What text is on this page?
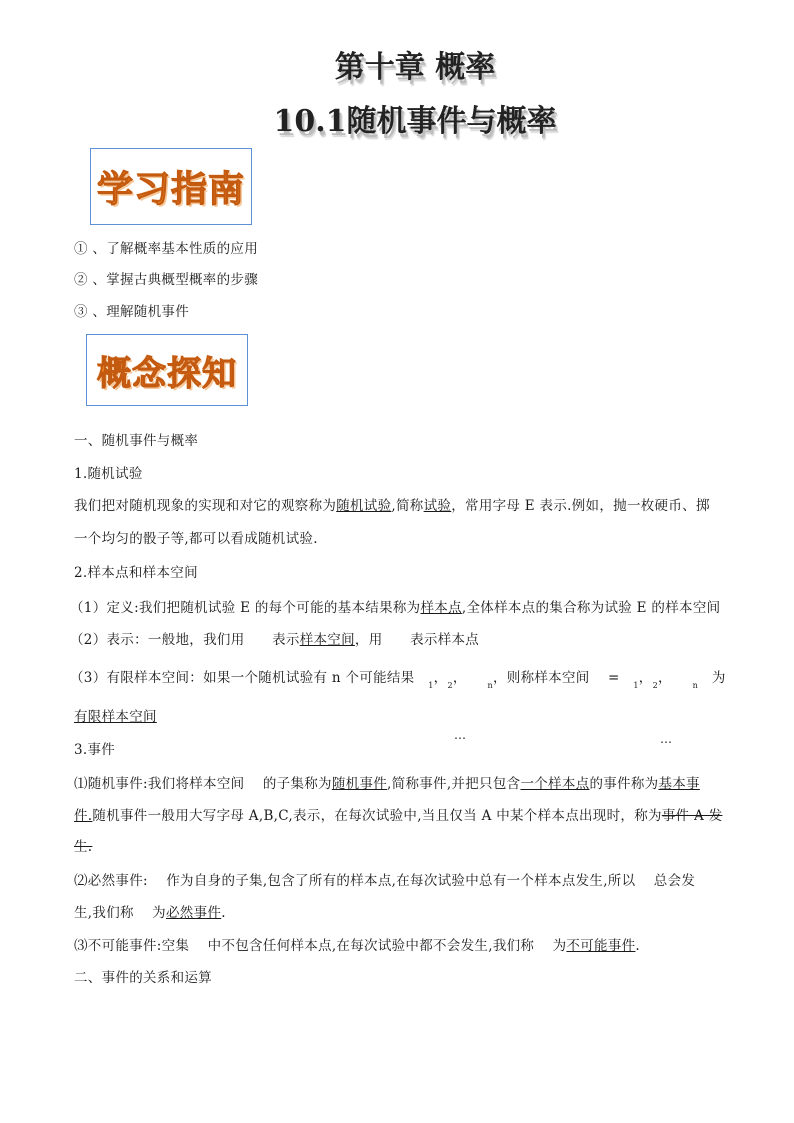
第十章 概率
10.1随机事件与概率
学习指南
① 、了解概率基本性质的应用
② 、掌握古典概型概率的步骤
③ 、理解随机事件
概念探知
一、随机事件与概率
1.随机试验
我们把对随机现象的实现和对它的观察称为随机试验,简称试验，常用字母 E 表示.例如，抛一枚硬币、掷
一个均匀的骰子等,都可以看成随机试验.
2.样本点和样本空间
（1）定义:我们把随机试验 E 的每个可能的基本结果称为样本点,全体样本点的集合称为试验 E 的样本空间
（2）表示：一般地，我们用　　表示样本空间，用　　表示样本点
（3）有限样本空间：如果一个随机试验有 n 个可能结果　$_1$，$_2$，　　$_n$，则称样本空间　 =　$_1$，$_2$，　　$_n$　为
有限样本空间
…	…
3.事件
⑴随机事件:我们将样本空间　 的子集称为随机事件,简称事件,并把只包含一个样本点的事件称为基本事
件.随机事件一般用大写字母 A,B,C,表示，在每次试验中,当且仅当 A 中某个样本点出现时，称为事件 A 发
生.
⑵必然事件:　 作为自身的子集,包含了所有的样本点,在每次试验中总有一个样本点发生,所以　 总会发
生,我们称　 为必然事件.
⑶不可能事件:空集　 中不包含任何样本点,在每次试验中都不会发生,我们称　 为不可能事件.
二、事件的关系和运算
